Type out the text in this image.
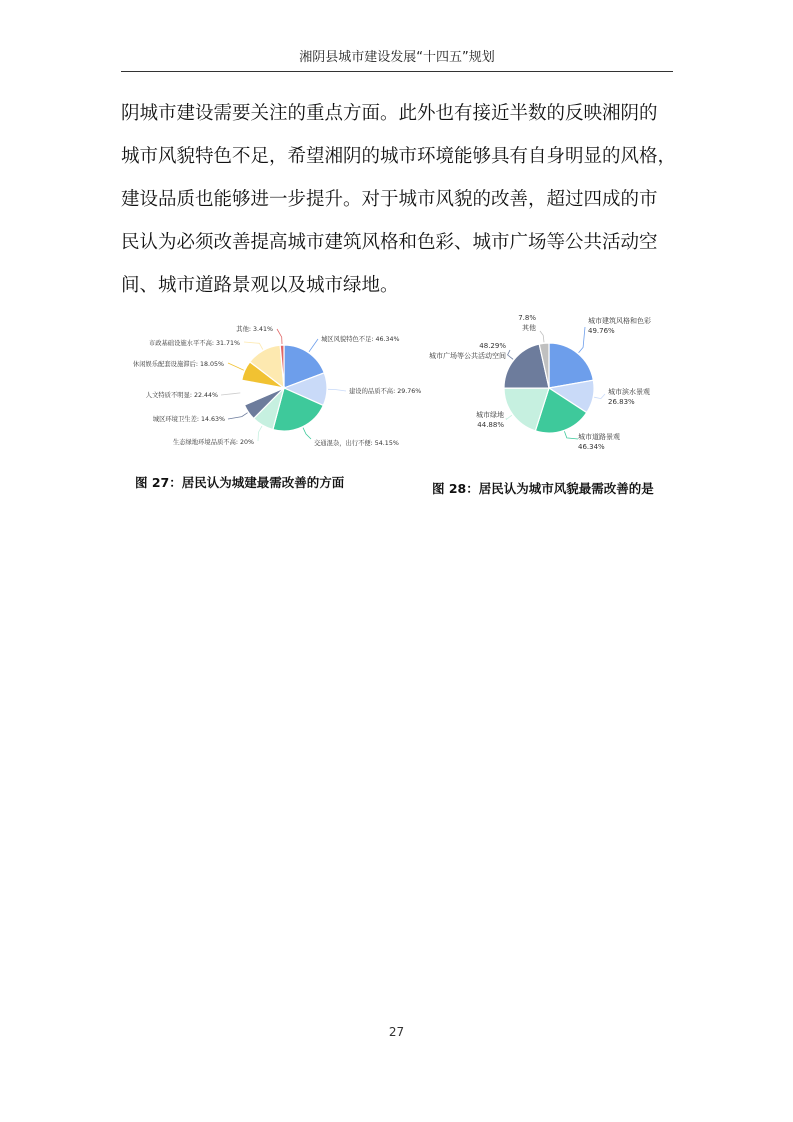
湘阴县城市建设发展“十四五”规划

阴城市建设需要关注的重点方面。此外也有接近半数的反映湘阴的

城市风貌特色不足，希望湘阴的城市环境能够具有自身明显的风格，

建设品质也能够进一步提升。对于城市风貌的改善，超过四成的市

民认为必须改善提高城市建筑风格和色彩、城市广场等公共活动空

间、城市道路景观以及城市绿地。

城区风貌特色不足: 46.34%
建设的品质不高: 29.76%
交通混杂，出行不便: 54.15%
生态绿地环境品质不高: 20%
城区环境卫生差: 14.63%
人文特质不明显: 22.44%
休闲娱乐配套设施滞后: 18.05%
市政基础设施水平不高: 31.71%
其他: 3.41%
城市建筑风格和色彩
49.76%
城市滨水景观
26.83%
城市道路景观
46.34%
城市绿地
44.88%
48.29%
城市广场等公共活动空间
7.8%
其他
图 27：居民认为城建最需改善的方面	图 28：居民认为城市风貌最需改善的是
27
